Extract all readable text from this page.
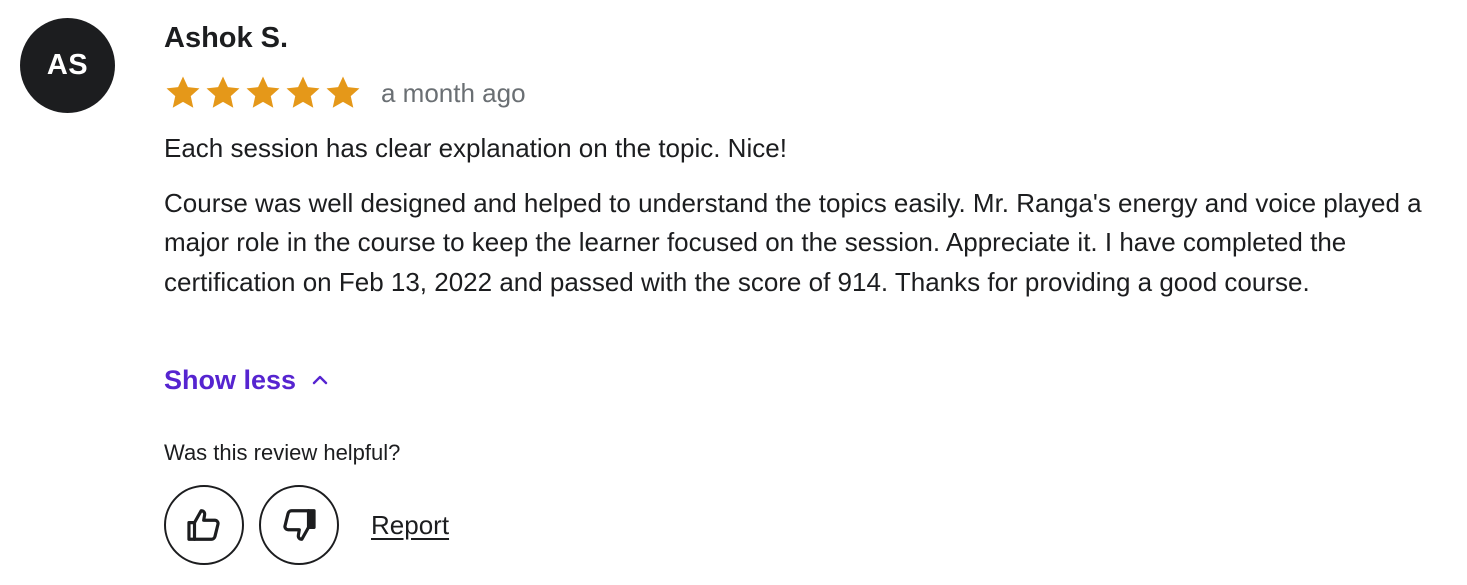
AS

Ashok S.

a month ago

Each session has clear explanation on the topic. Nice!

Course was well designed and helped to understand the topics easily. Mr. Ranga's energy and voice played a major role in the course to keep the learner focused on the session. Appreciate it. I have completed the certification on Feb 13, 2022 and passed with the score of 914. Thanks for providing a good course.

Show less

Was this review helpful?

Report
